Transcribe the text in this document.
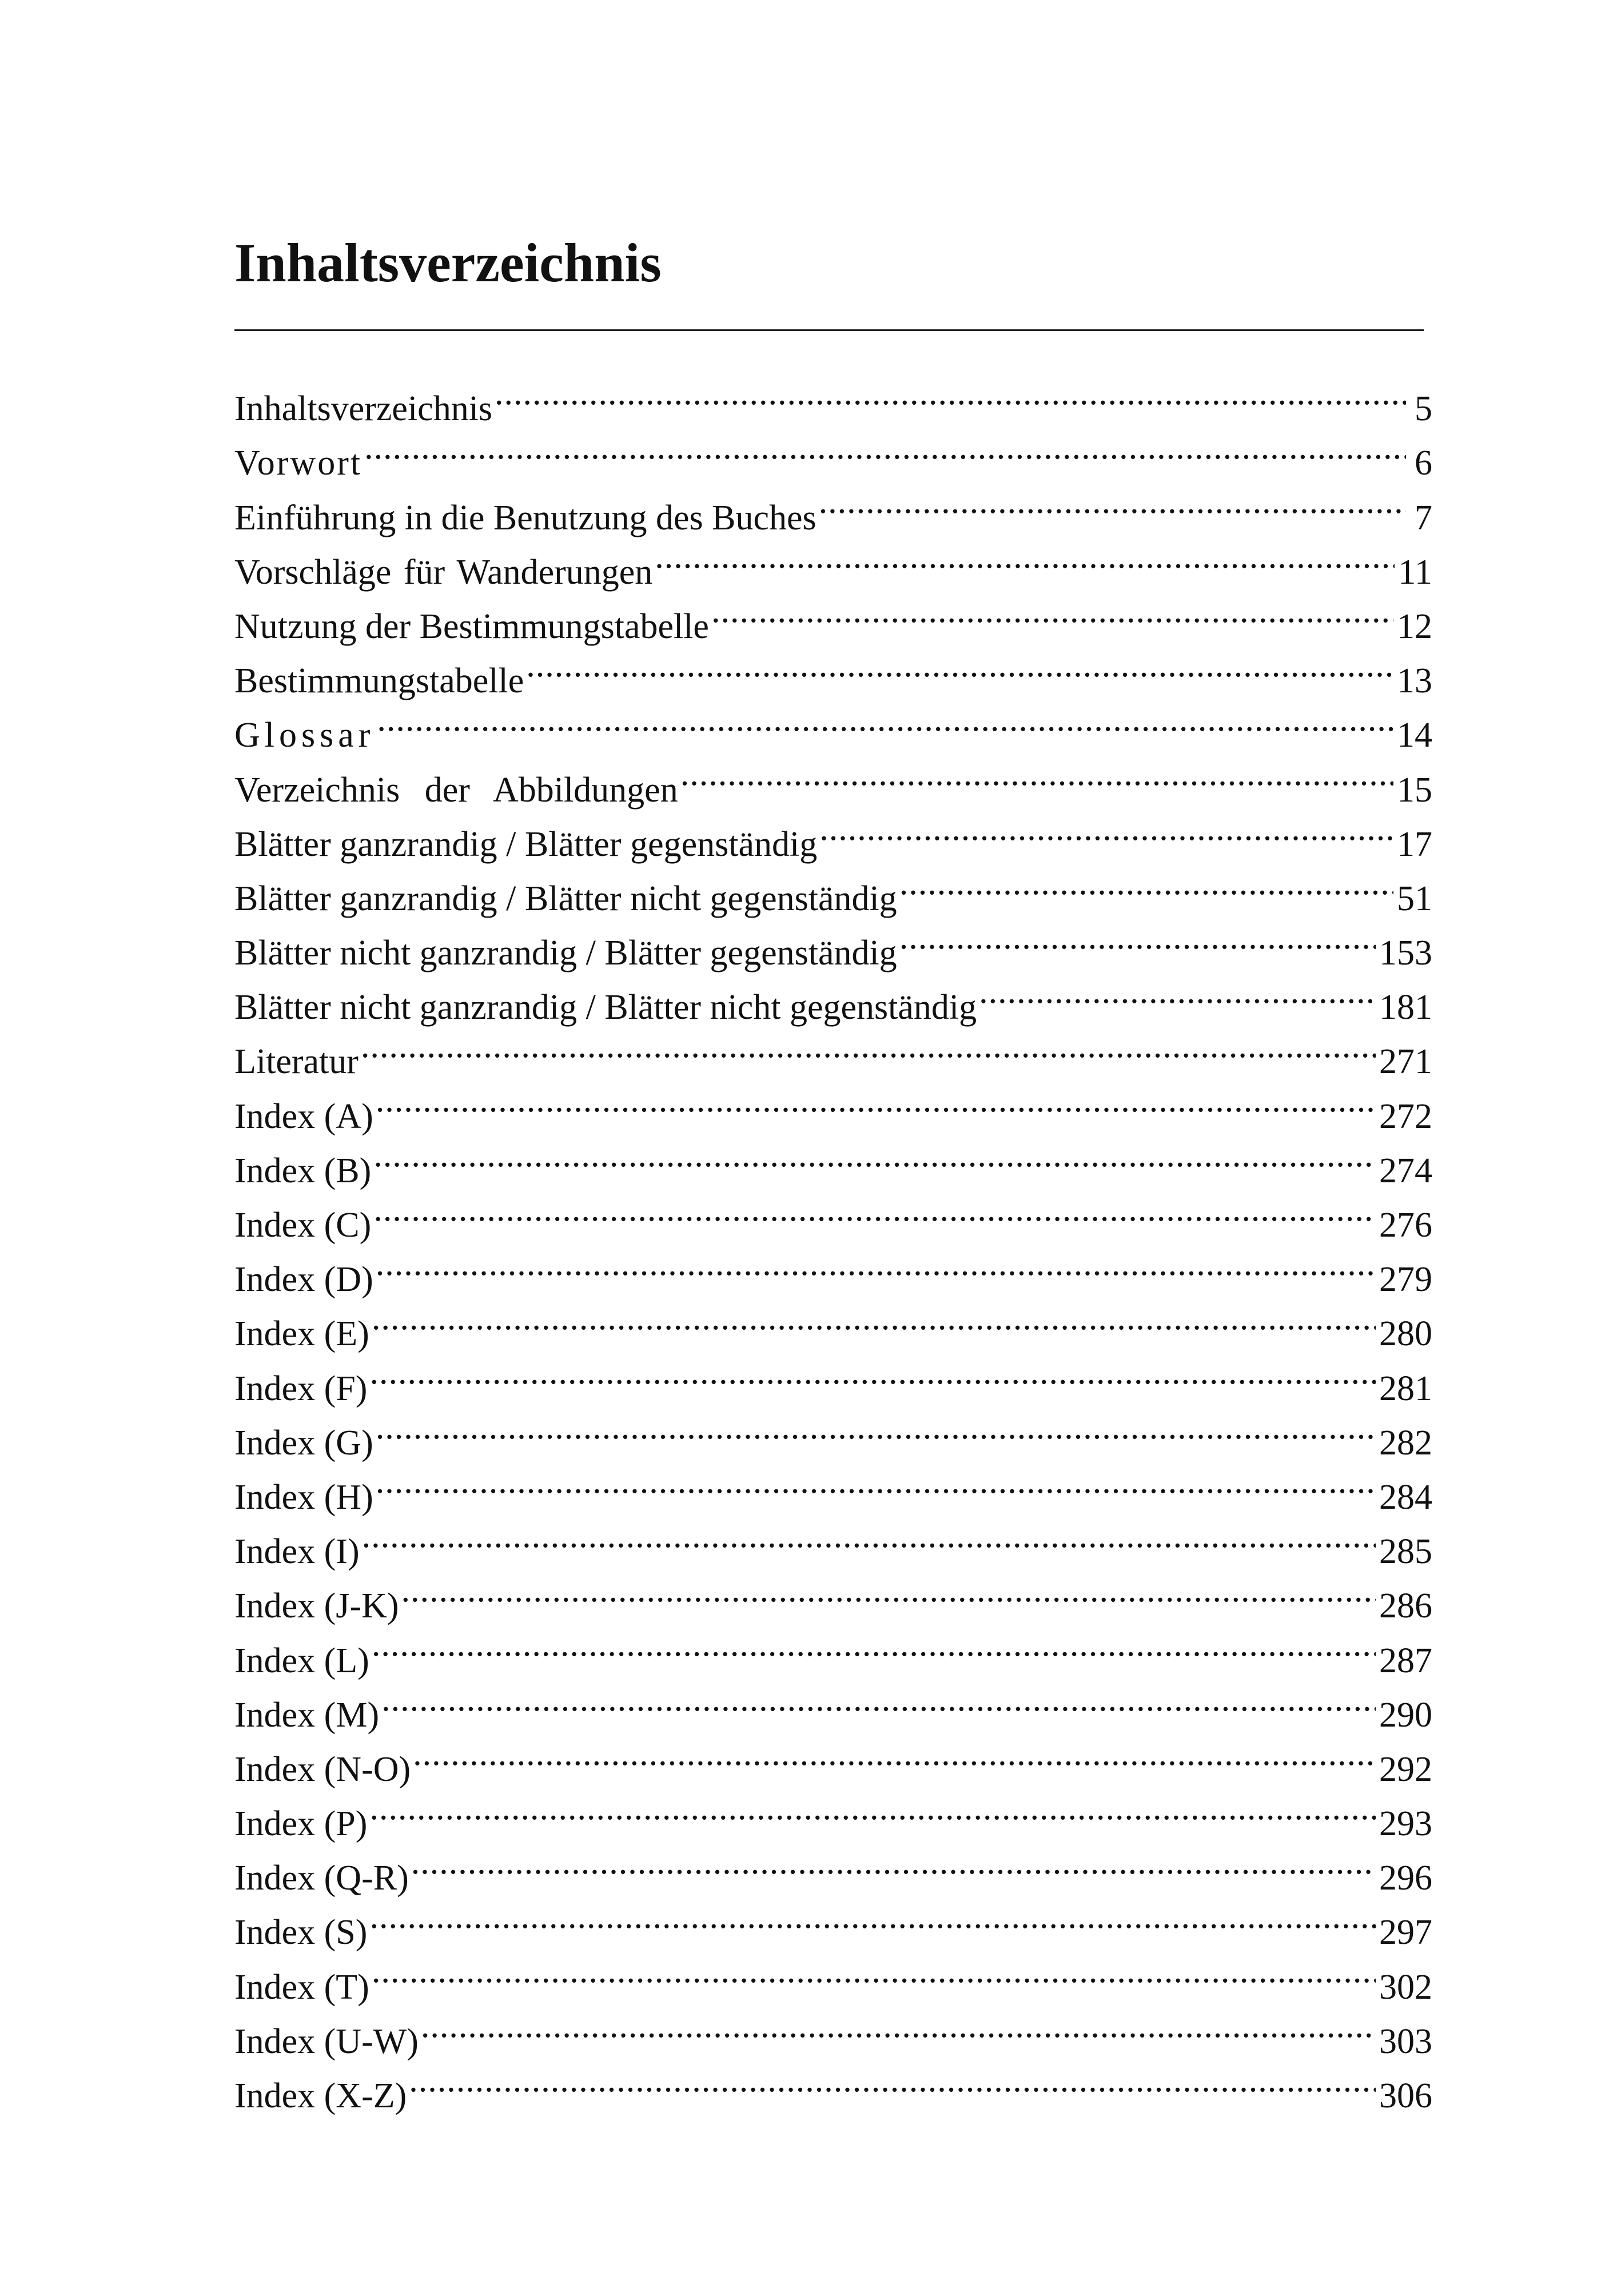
Inhaltsverzeichnis
Inhaltsverzeichnis .....	5
Vorwort .....	6
Einführung in die Benutzung des Buches .....	7
Vorschläge für Wanderungen .....	11
Nutzung der Bestimmungstabelle .....	12
Bestimmungstabelle .....	13
Glossar .....	14
Verzeichnis der Abbildungen .....	15
Blätter ganzrandig / Blätter gegenständig .....	17
Blätter ganzrandig / Blätter nicht gegenständig .....	51
Blätter nicht ganzrandig / Blätter gegenständig .....	153
Blätter nicht ganzrandig / Blätter nicht gegenständig .....	181
Literatur .....	271
Index (A) .....	272
Index (B) .....	274
Index (C) .....	276
Index (D) .....	279
Index (E) .....	280
Index (F) .....	281
Index (G) .....	282
Index (H) .....	284
Index (I) .....	285
Index (J-K) .....	286
Index (L) .....	287
Index (M) .....	290
Index (N-O) .....	292
Index (P) .....	293
Index (Q-R) .....	296
Index (S) .....	297
Index (T) .....	302
Index (U-W) .....	303
Index (X-Z) .....	306
